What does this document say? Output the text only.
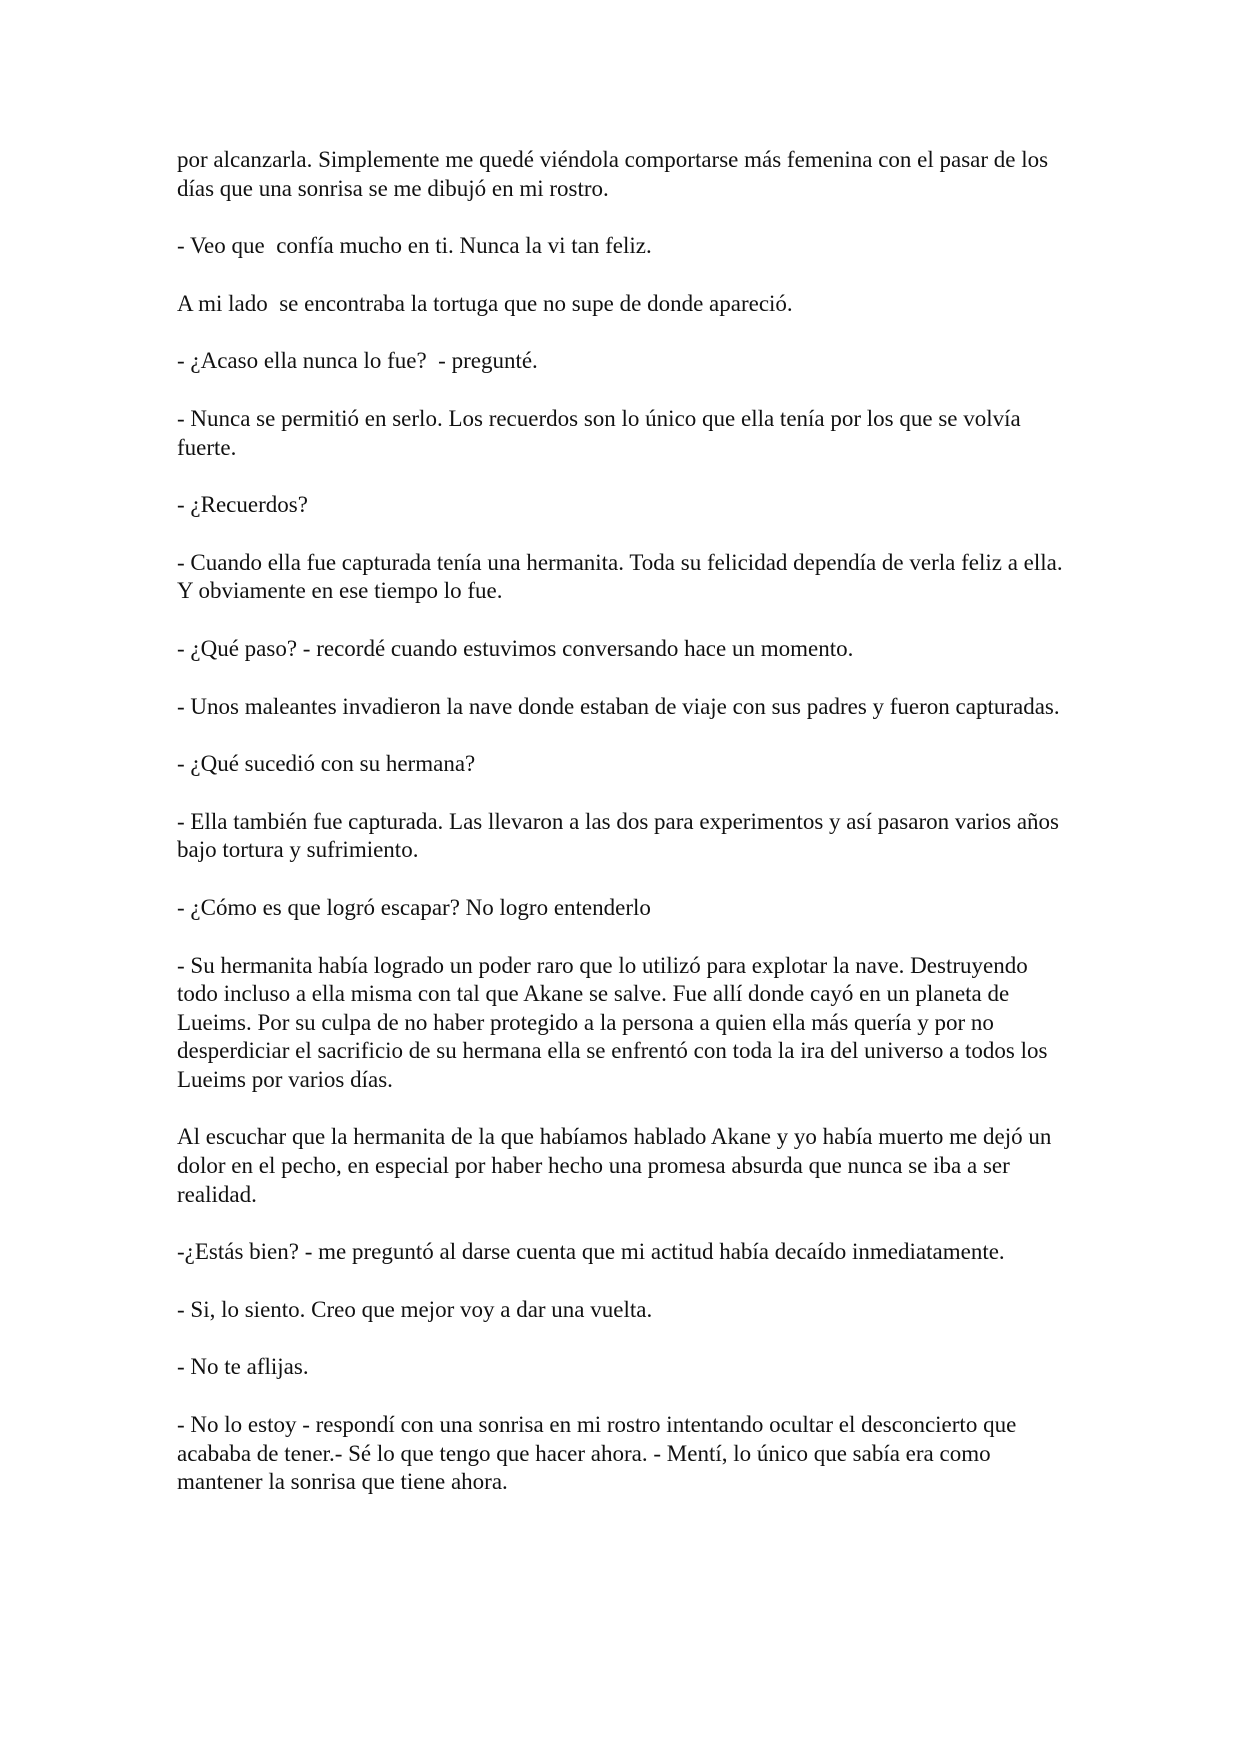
por alcanzarla. Simplemente me quedé viéndola comportarse más femenina con el pasar de los días que una sonrisa se me dibujó en mi rostro.

- Veo que  confía mucho en ti. Nunca la vi tan feliz.

A mi lado  se encontraba la tortuga que no supe de donde apareció.

- ¿Acaso ella nunca lo fue?  - pregunté.

- Nunca se permitió en serlo. Los recuerdos son lo único que ella tenía por los que se volvía fuerte.

- ¿Recuerdos?

- Cuando ella fue capturada tenía una hermanita. Toda su felicidad dependía de verla feliz a ella. Y obviamente en ese tiempo lo fue.

- ¿Qué paso? - recordé cuando estuvimos conversando hace un momento.

- Unos maleantes invadieron la nave donde estaban de viaje con sus padres y fueron capturadas.

- ¿Qué sucedió con su hermana?

- Ella también fue capturada. Las llevaron a las dos para experimentos y así pasaron varios años bajo tortura y sufrimiento.

- ¿Cómo es que logró escapar? No logro entenderlo

- Su hermanita había logrado un poder raro que lo utilizó para explotar la nave. Destruyendo todo incluso a ella misma con tal que Akane se salve. Fue allí donde cayó en un planeta de Lueims. Por su culpa de no haber protegido a la persona a quien ella más quería y por no desperdiciar el sacrificio de su hermana ella se enfrentó con toda la ira del universo a todos los Lueims por varios días.

Al escuchar que la hermanita de la que habíamos hablado Akane y yo había muerto me dejó un dolor en el pecho, en especial por haber hecho una promesa absurda que nunca se iba a ser realidad.

-¿Estás bien? - me preguntó al darse cuenta que mi actitud había decaído inmediatamente.

- Si, lo siento. Creo que mejor voy a dar una vuelta.

- No te aflijas.

- No lo estoy - respondí con una sonrisa en mi rostro intentando ocultar el desconcierto que acababa de tener.- Sé lo que tengo que hacer ahora. - Mentí, lo único que sabía era como mantener la sonrisa que tiene ahora.
